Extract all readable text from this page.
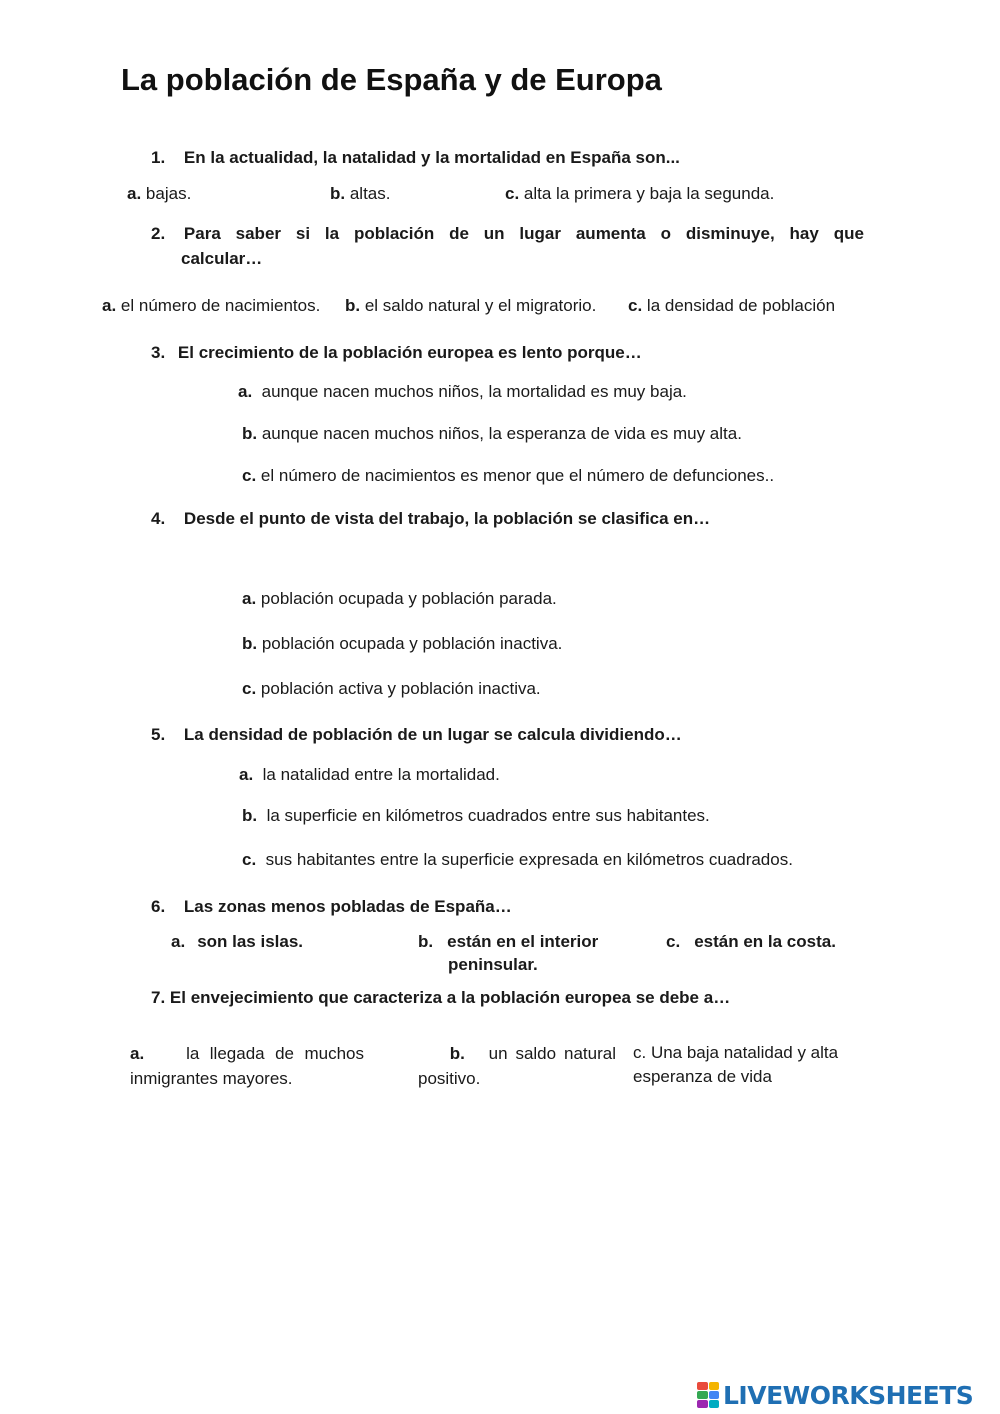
La población de España y de Europa
1. En la actualidad, la natalidad y la mortalidad en España son...
a. bajas.	b. altas.	c. alta la primera y baja la segunda.
2. Para saber si la población de un lugar aumenta o disminuye, hay que
calcular…
a. el número de nacimientos. b. el saldo natural y el migratorio. c. la densidad de población
3. El crecimiento de la población europea es lento porque…
a. aunque nacen muchos niños, la mortalidad es muy baja.
b. aunque nacen muchos niños, la esperanza de vida es muy alta.
c. el número de nacimientos es menor que el número de defunciones..
4. Desde el punto de vista del trabajo, la población se clasifica en…
a. población ocupada y población parada.
b. población ocupada y población inactiva.
c. población activa y población inactiva.
5. La densidad de población de un lugar se calcula dividiendo…
a. la natalidad entre la mortalidad.
b. la superficie en kilómetros cuadrados entre sus habitantes.
c. sus habitantes entre la superficie expresada en kilómetros cuadrados.
6. Las zonas menos pobladas de España…
a. son las islas.	b. están en el interior
peninsular.
c. están en la costa.
7. El envejecimiento que caracteriza a la población europea se debe a…
a. la llegada de muchos inmigrantes mayores.
b. un saldo natural positivo.
c. Una baja natalidad y alta esperanza de vida
LIVEWORKSHEETS
